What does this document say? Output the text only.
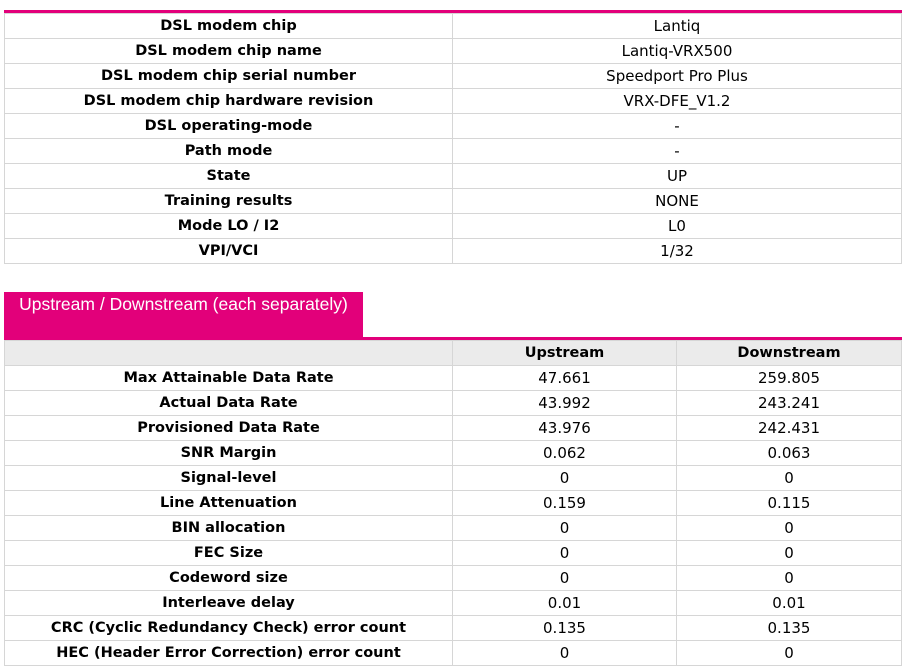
DSL modem chip	Lantiq
DSL modem chip name	Lantiq-VRX500
DSL modem chip serial number	Speedport Pro Plus
DSL modem chip hardware revision	VRX-DFE_V1.2
DSL operating-mode	-
Path mode	-
State	UP
Training results	NONE
Mode LO / I2	L0
VPI/VCI	1/32
Upstream / Downstream (each separately)
	Upstream	Downstream
Max Attainable Data Rate	47.661	259.805
Actual Data Rate	43.992	243.241
Provisioned Data Rate	43.976	242.431
SNR Margin	0.062	0.063
Signal-level	0	0
Line Attenuation	0.159	0.115
BIN allocation	0	0
FEC Size	0	0
Codeword size	0	0
Interleave delay	0.01	0.01
CRC (Cyclic Redundancy Check) error count	0.135	0.135
HEC (Header Error Correction) error count	0	0
